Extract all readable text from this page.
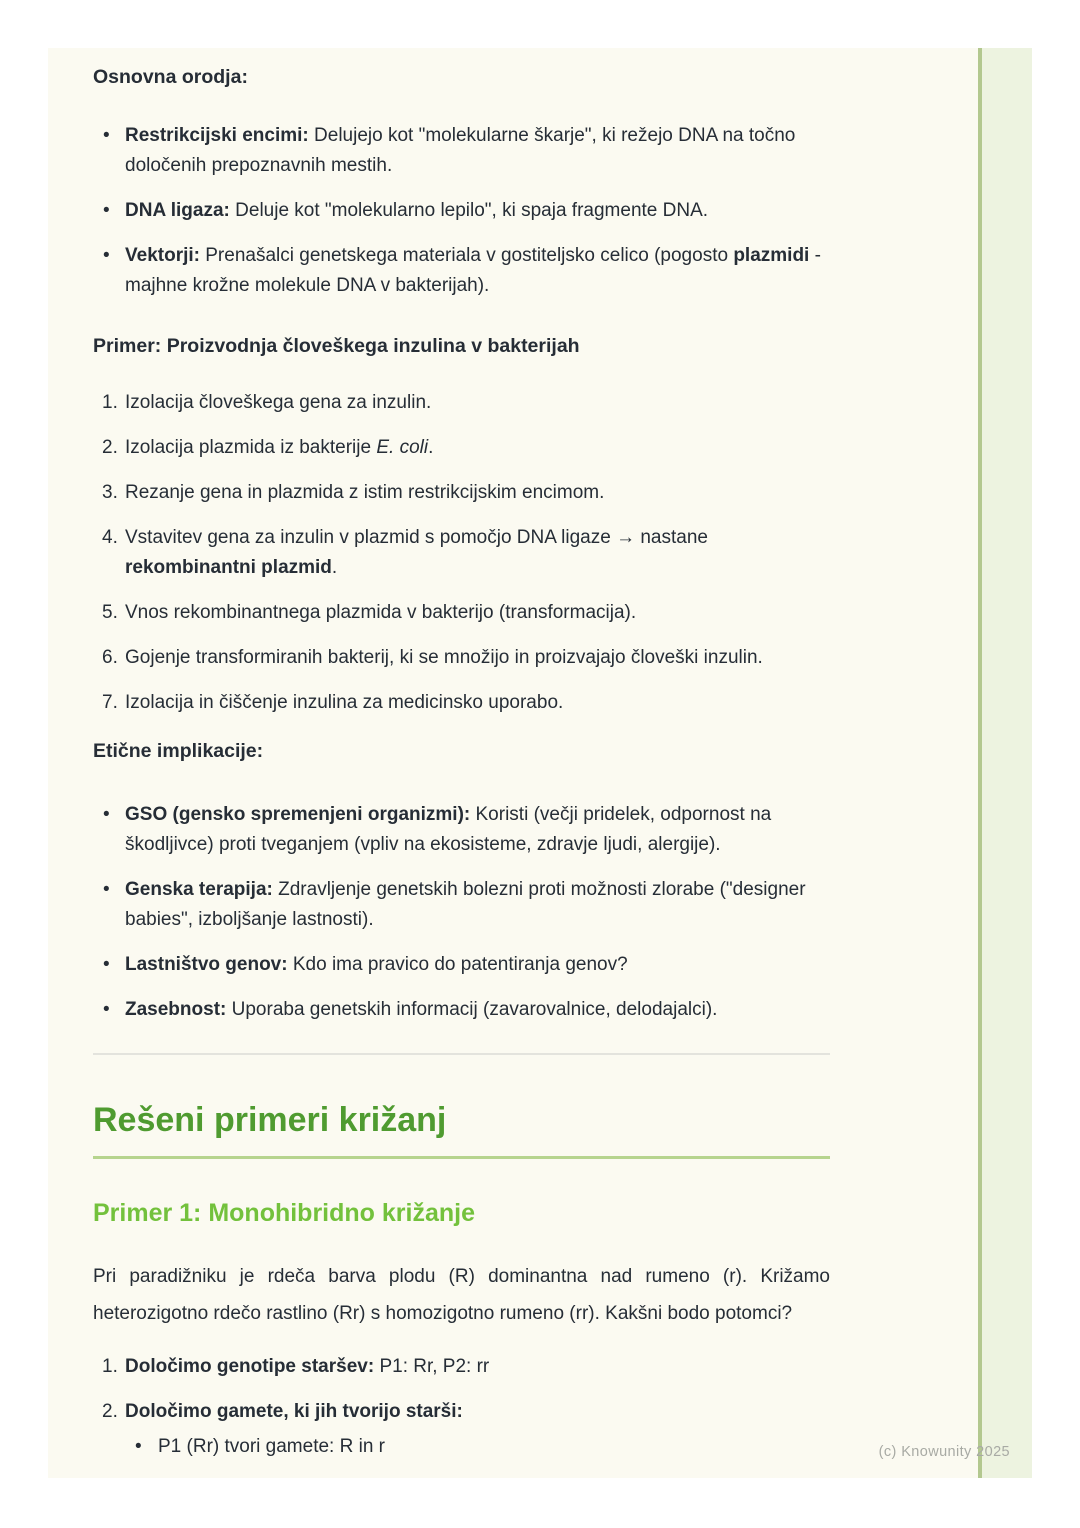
Osnovna orodja:
• Restrikcijski encimi: Delujejo kot "molekularne škarje", ki režejo DNA na točno določenih prepoznavnih mestih.
• DNA ligaza: Deluje kot "molekularno lepilo", ki spaja fragmente DNA.
• Vektorji: Prenašalci genetskega materiala v gostiteljsko celico (pogosto plazmidi - majhne krožne molekule DNA v bakterijah).
Primer: Proizvodnja človeškega inzulina v bakterijah
1. Izolacija človeškega gena za inzulin.
2. Izolacija plazmida iz bakterije E. coli.
3. Rezanje gena in plazmida z istim restrikcijskim encimom.
4. Vstavitev gena za inzulin v plazmid s pomočjo DNA ligaze → nastane rekombinantni plazmid.
5. Vnos rekombinantnega plazmida v bakterijo (transformacija).
6. Gojenje transformiranih bakterij, ki se množijo in proizvajajo človeški inzulin.
7. Izolacija in čiščenje inzulina za medicinsko uporabo.
Etične implikacije:
• GSO (gensko spremenjeni organizmi): Koristi (večji pridelek, odpornost na škodljivce) proti tveganjem (vpliv na ekosisteme, zdravje ljudi, alergije).
• Genska terapija: Zdravljenje genetskih bolezni proti možnosti zlorabe ("designer babies", izboljšanje lastnosti).
• Lastništvo genov: Kdo ima pravico do patentiranja genov?
• Zasebnost: Uporaba genetskih informacij (zavarovalnice, delodajalci).
Rešeni primeri križanj
Primer 1: Monohibridno križanje

Pri paradižniku je rdeča barva plodu (R) dominantna nad rumeno (r). Križamo heterozigotno rdečo rastlino (Rr) s homozigotno rumeno (rr). Kakšni bodo potomci?

1. Določimo genotipe staršev: P1: Rr, P2: rr
2. Določimo gamete, ki jih tvorijo starši:
• P1 (Rr) tvori gamete: R in r	(c) Knowunity 2025
